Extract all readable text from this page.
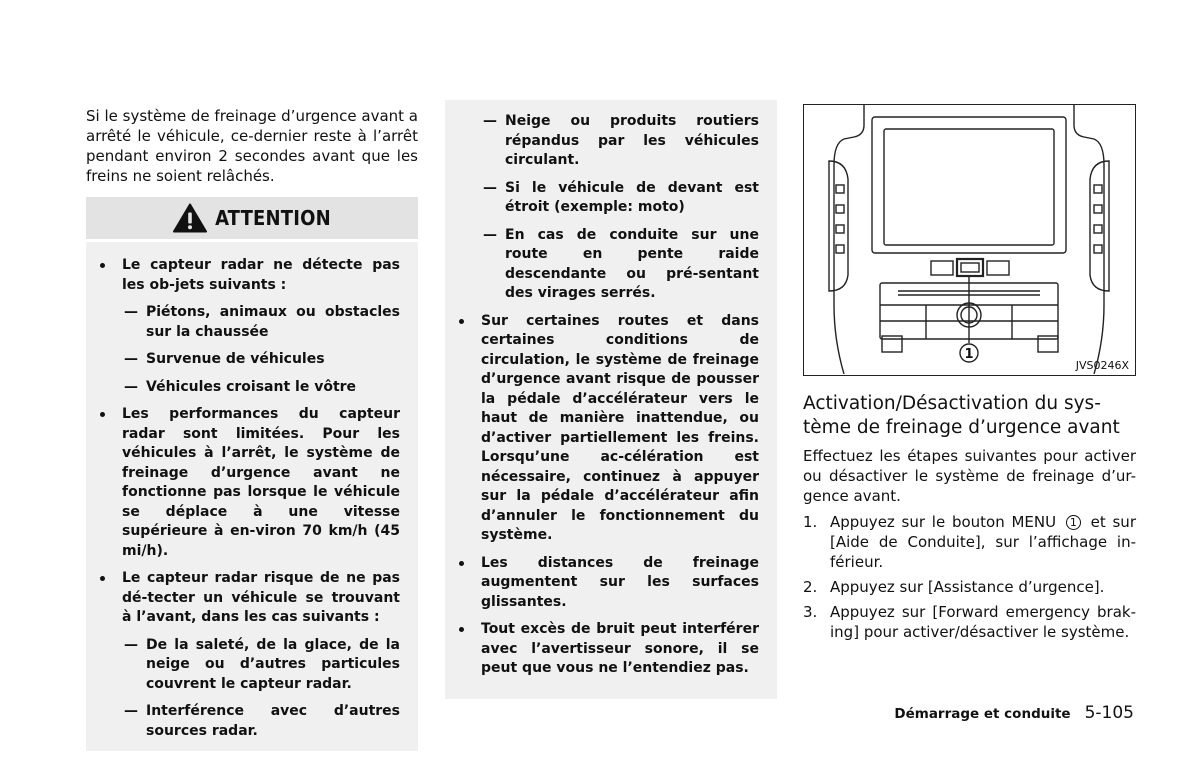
Si le système de freinage d’urgence avant a arrêté le véhicule, ce-dernier reste à l’arrêt pendant environ 2 secondes avant que les freins ne soient relâchés.

ATTENTION

Le capteur radar ne détecte pas les ob-jets suivants :

— Piétons, animaux ou obstacles sur la chaussée

— Survenue de véhicules

— Véhicules croisant le vôtre

Les performances du capteur radar sont limitées. Pour les véhicules à l’arrêt, le système de freinage d’urgence avant ne fonctionne pas lorsque le véhicule se déplace à une vitesse supérieure à en-viron 70 km/h (45 mi/h).

Le capteur radar risque de ne pas dé-tecter un véhicule se trouvant à l’avant, dans les cas suivants :

— De la saleté, de la glace, de la neige ou d’autres particules couvrent le capteur radar.

— Interférence avec d’autres sources radar.

— Neige ou produits routiers répandus par les véhicules circulant.

— Si le véhicule de devant est étroit (exemple: moto)

— En cas de conduite sur une route en pente raide descendante ou pré-sentant des virages serrés.

Sur certaines routes et dans certaines conditions de circulation, le système de freinage d’urgence avant risque de pousser la pédale d’accélérateur vers le haut de manière inattendue, ou d’activer partiellement les freins. Lorsqu’une ac-célération est nécessaire, continuez à appuyer sur la pédale d’accélérateur afin d’annuler le fonctionnement du système.

Les distances de freinage augmentent sur les surfaces glissantes.

Tout excès de bruit peut interférer avec l’avertisseur sonore, il se peut que vous ne l’entendiez pas.

1
JVS0246X
Activation/Désactivation du sys-tème de freinage d’urgence avant

Effectuez les étapes suivantes pour activer ou désactiver le système de freinage d’ur-gence avant.

1. Appuyez sur le bouton MENU 1 et sur [Aide de Conduite], sur l’affichage in-férieur.
2. Appuyez sur [Assistance d’urgence].
3. Appuyez sur [Forward emergency brak-ing] pour activer/désactiver le système.
Démarrage et conduite 5-105
